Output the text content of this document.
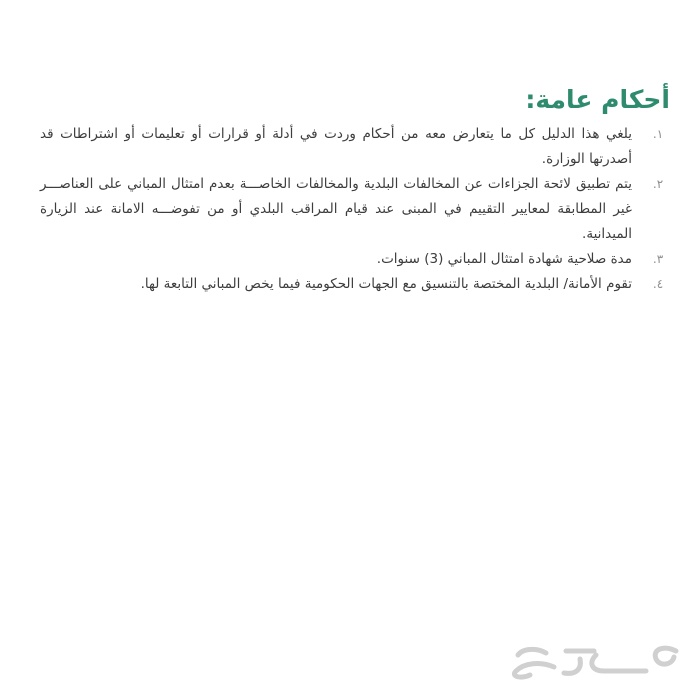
أحكام عامة:
١.
يلغي هذا الدليل كل ما يتعارض معه من أحكام وردت في أدلة أو قرارات أو تعليمات أو اشتراطات قد أصدرتها الوزارة.
٢.
يتم تطبيق لائحة الجزاءات عن المخالفات البلدية والمخالفات الخاصـــة بعدم امتثال المباني على العناصـــر غير المطابقة لمعايير التقييم في المبنى عند قيام المراقب البلدي أو من تفوضـــه الامانة عند الزيارة الميدانية.
٣.
مدة صلاحية شهادة امتثال المباني (3) سنوات.
٤.
تقوم الأمانة/ البلدية المختصة بالتنسيق مع الجهات الحكومية فيما يخص المباني التابعة لها.
